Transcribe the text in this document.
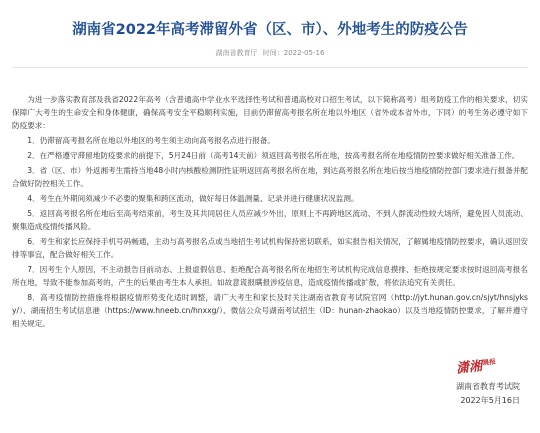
湖南省2022年高考滞留外省（区、市）、外地考生的防疫公告
湖南省教育厅 时间：2022-05-16

为进一步落实教育部及我省2022年高考（含普通高中学业水平选择性考试和普通高校对口招生考试，以下简称高考）组考防疫工作的相关要求，切实保障广大考生的生命安全和身体健康，确保高考安全平稳顺利实施，目前仍滞留高考报名所在地以外地区（省外或本省外市，下同）的考生务必遵守如下防疫要求：

1．仍滞留高考报名所在地以外地区的考生须主动向高考报名点进行报备。

2．在严格遵守滞留地防疫要求的前提下，5月24日前（高考14天前）须返回高考报名所在地，按高考报名所在地疫情防控要求做好相关准备工作。

3．省（区、市）外返湘考生需持当地48小时内核酸检测阴性证明返回高考报名所在地，到达高考报名所在地后按当地疫情防控部门要求进行报备并配合做好防控相关工作。

4．考生在外期间须减少不必要的聚集和跨区流动，做好每日体温测量、记录并进行健康状况监测。

5．返回高考报名所在地后至高考结束前，考生及其共同居住人员应减少外出，原则上不再跨地区流动、不到人群流动性较大场所，避免因人员流动、聚集造成疫情传播风险。

6．考生和家长应保持手机号码畅通，主动与高考报名点或当地招生考试机构保持密切联系，如实报告相关情况，了解属地疫情防控要求，确认返回安排等事宜，配合做好相关工作。

7．因考生个人原因，不主动报告目前动态、上报虚假信息、拒绝配合高考报名所在地招生考试机构完成信息摸排、拒绝按规定要求按时返回高考报名所在地，导致不能参加高考的，产生的后果由考生本人承担。如故意谎报瞒报涉疫信息，造成疫情传播或扩散，将依法追究有关责任。

8．高考疫情防控措施将根据疫情形势变化适时调整，请广大考生和家长及时关注湖南省教育考试院官网（http://jyt.hunan.gov.cn/sjyt/hnsjyksy/）、湖南招生考试信息港（https://www.hneeb.cn/hnxxg/）、微信公众号湖南考试招生（ID：hunan-zhaokao）以及当地疫情防控要求，了解并遵守相关规定。

潇湘$^{晨报}$
湖南省教育考试院
2022年5月16日
